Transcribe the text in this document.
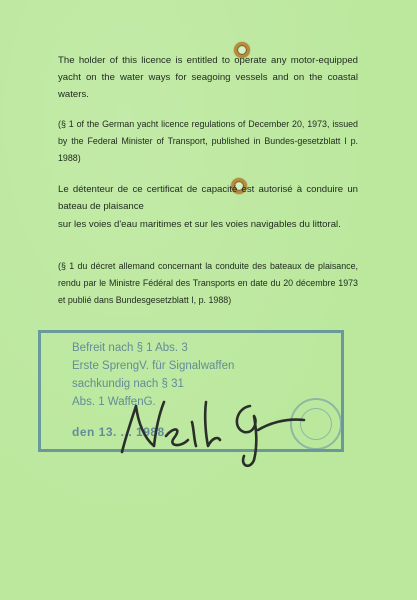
The holder of this licence is entitled to operate any motor-equipped yacht on the water ways for seagoing vessels and on the coastal waters.
(§ 1 of the German yacht licence regulations of December 20, 1973, issued by the Federal Minister of Transport, published in Bundes-gesetzblatt I p. 1988)
Le détenteur de ce certificat de capacité est autorisé à conduire un bateau de plaisance
sur les voies d'eau maritimes et sur les voies navigables du littoral.
(§ 1 du décret allemand concernant la conduite des bateaux de plaisance, rendu par le Ministre Fédéral des Transports en date du 20 décembre 1973 et publié dans Bundesgesetzblatt I, p. 1988)
Befreit nach § 1 Abs. 3
Erste SprengV. für Signalwaffen
sachkundig nach § 31
Abs. 1 WaffenG.
den 13. ... 1988
